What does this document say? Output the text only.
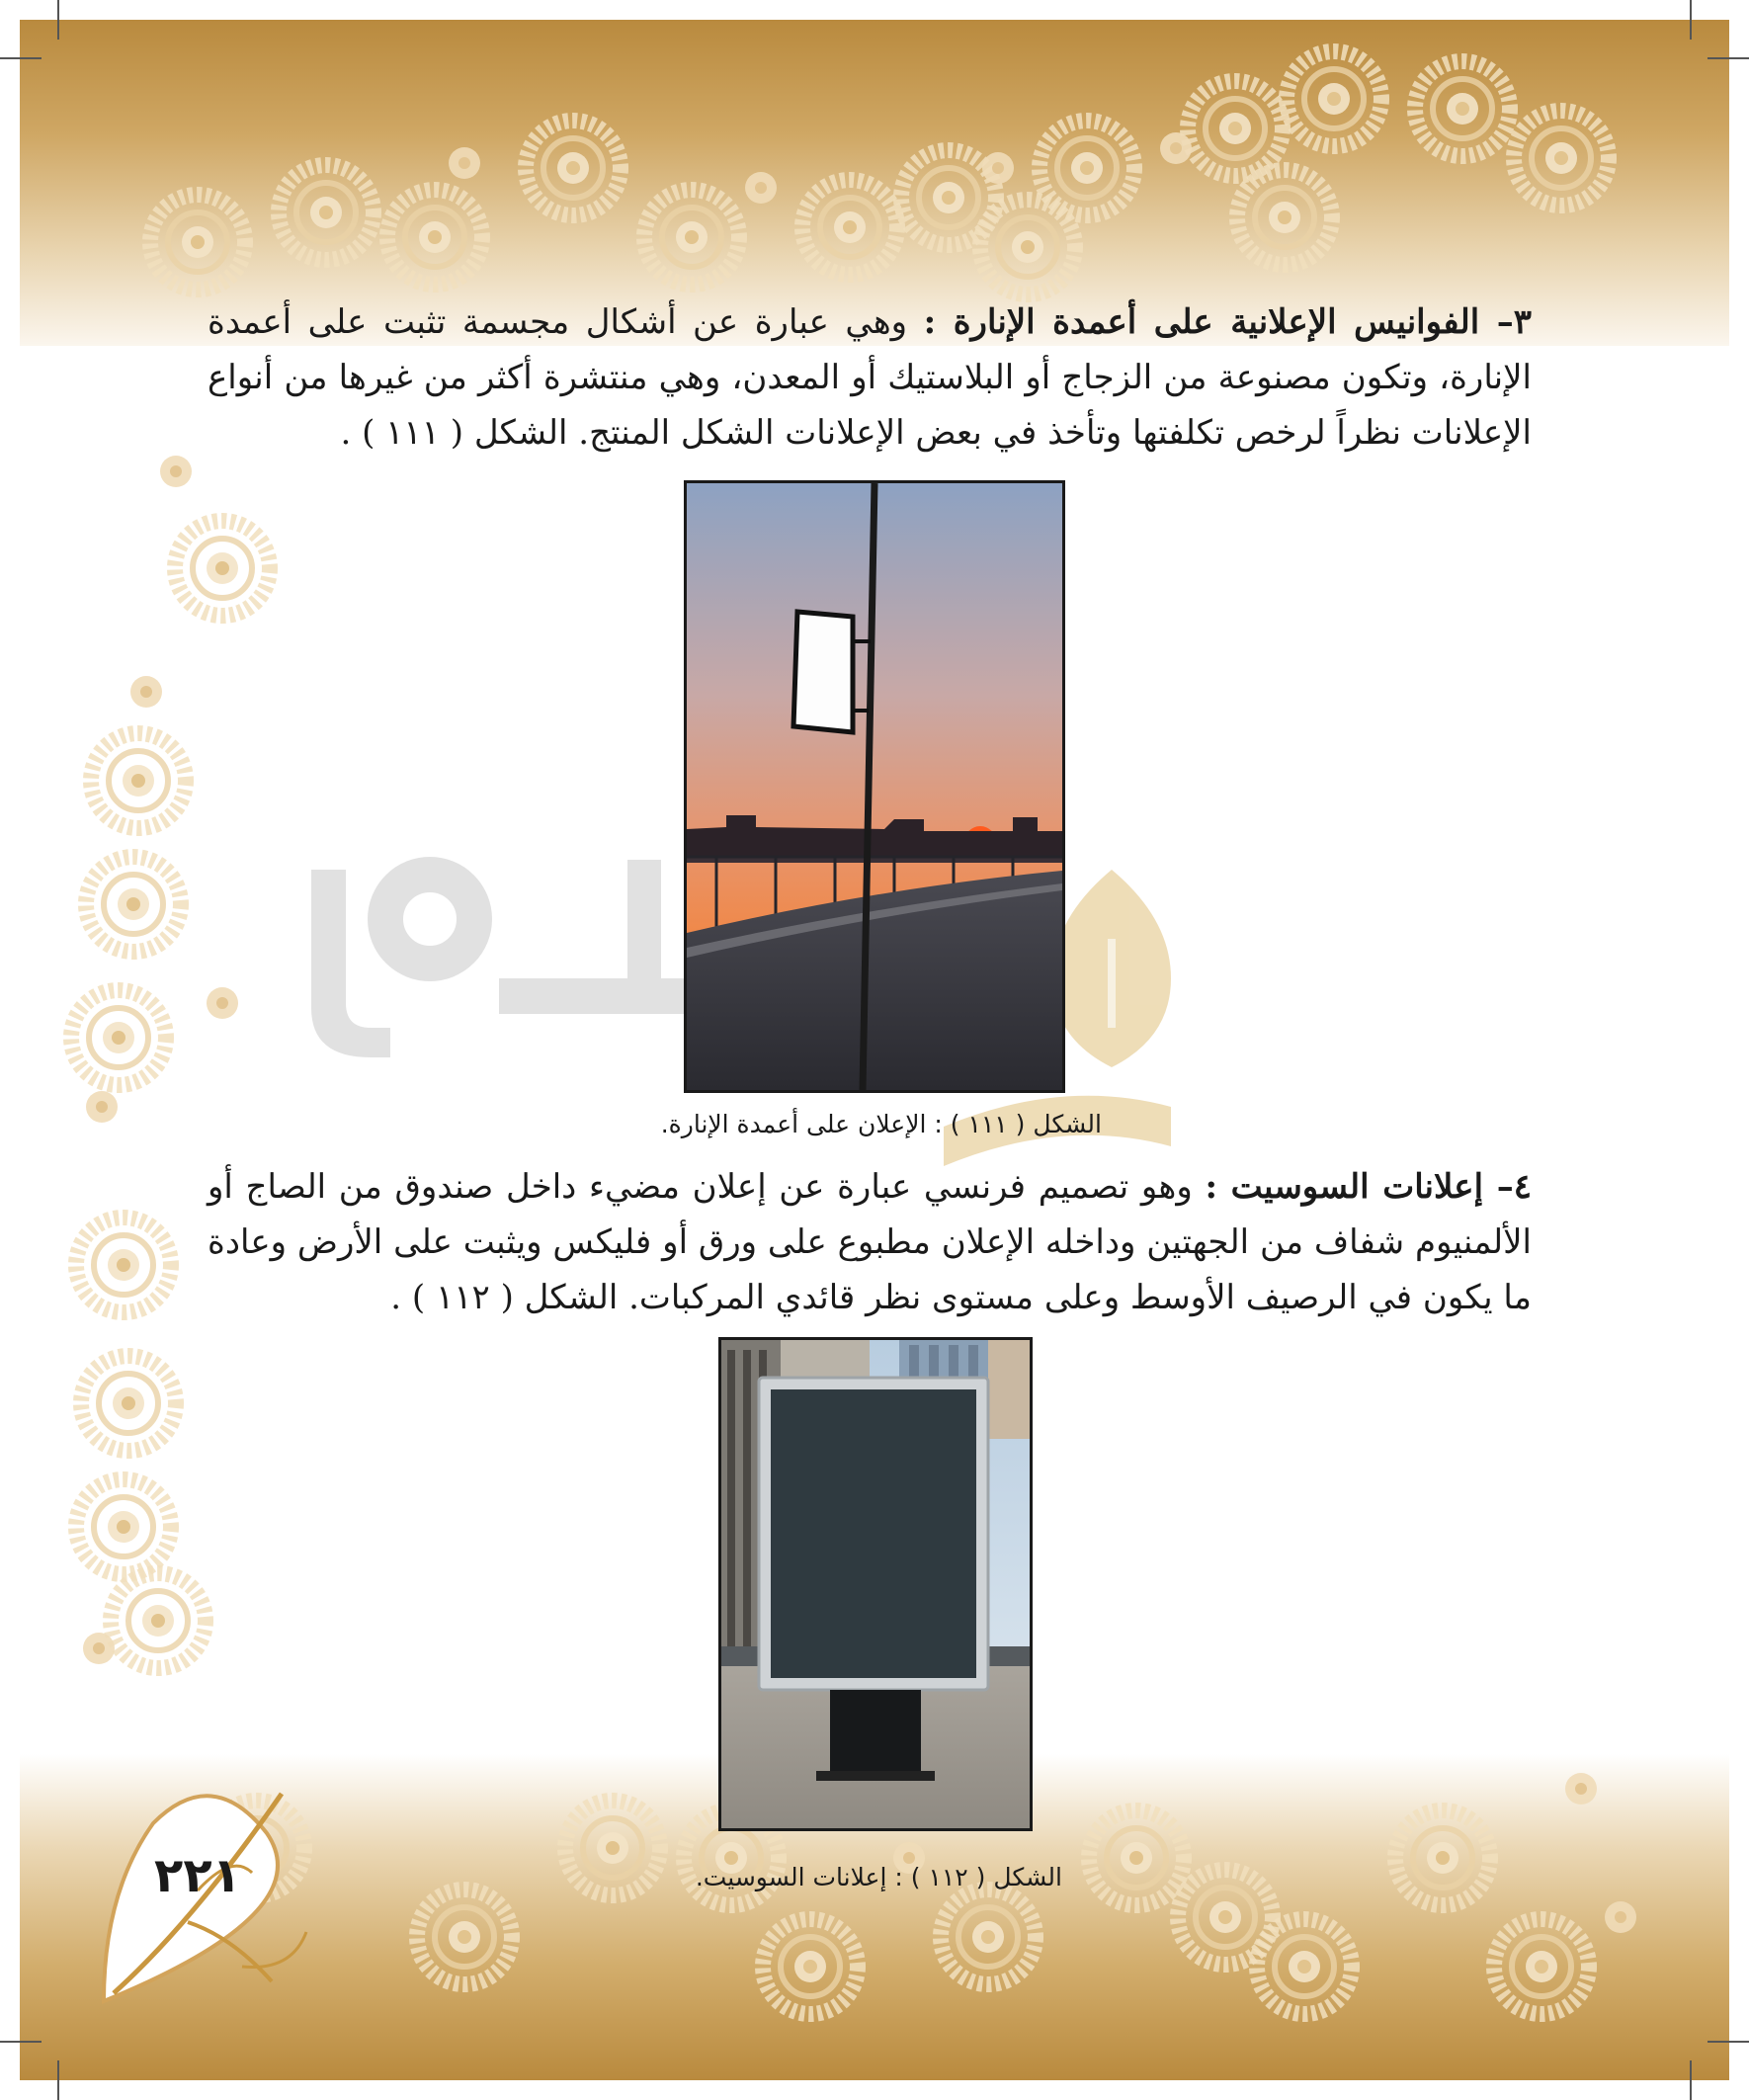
٣– الفوانيس الإعلانية على أعمدة الإنارة : وهي عبارة عن أشكال مجسمة تثبت على أعمدة الإنارة، وتكون مصنوعة من الزجاج أو البلاستيك أو المعدن، وهي منتشرة أكثر من غيرها من أنواع الإعلانات نظراً لرخص تكلفتها وتأخذ في بعض الإعلانات الشكل المنتج. الشكل ( ١١١ ) .
الشكل ( ١١١ ) : الإعلان على أعمدة الإنارة.
٤– إعلانات السوسيت : وهو تصميم فرنسي عبارة عن إعلان مضيء داخل صندوق من الصاج أو الألمنيوم شفاف من الجهتين وداخله الإعلان مطبوع على ورق أو فليكس ويثبت على الأرض وعادة ما يكون في الرصيف الأوسط وعلى مستوى نظر قائدي المركبات. الشكل ( ١١٢ ) .
الشكل ( ١١٢ ) : إعلانات السوسيت.
٢٢١
